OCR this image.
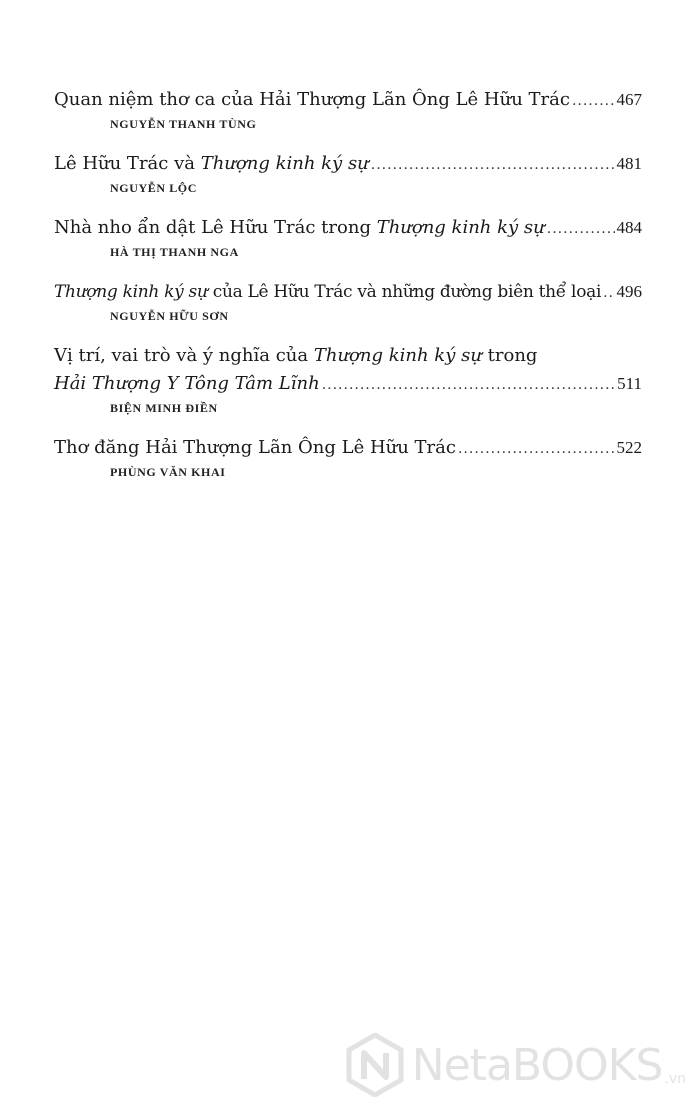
Quan niệm thơ ca của Hải Thượng Lãn Ông Lê Hữu Trác .....	467
NGUYỄN THANH TÙNG
Lê Hữu Trác và Thượng kinh ký sự .....	481
NGUYỄN LỘC
Nhà nho ẩn dật Lê Hữu Trác trong Thượng kinh ký sự .....	484
HÀ THỊ THANH NGA
Thượng kinh ký sự của Lê Hữu Trác và những đường biên thể loại ..... 496
NGUYỄN HỮU SƠN
Vị trí, vai trò và ý nghĩa của Thượng kinh ký sự trong
Hải Thượng Y Tông Tâm Lĩnh .....	511
BIỆN MINH ĐIỀN
Thơ đăng Hải Thượng Lãn Ông Lê Hữu Trác .....	522
PHÙNG VĂN KHAI
NetaBOOKS .vn
